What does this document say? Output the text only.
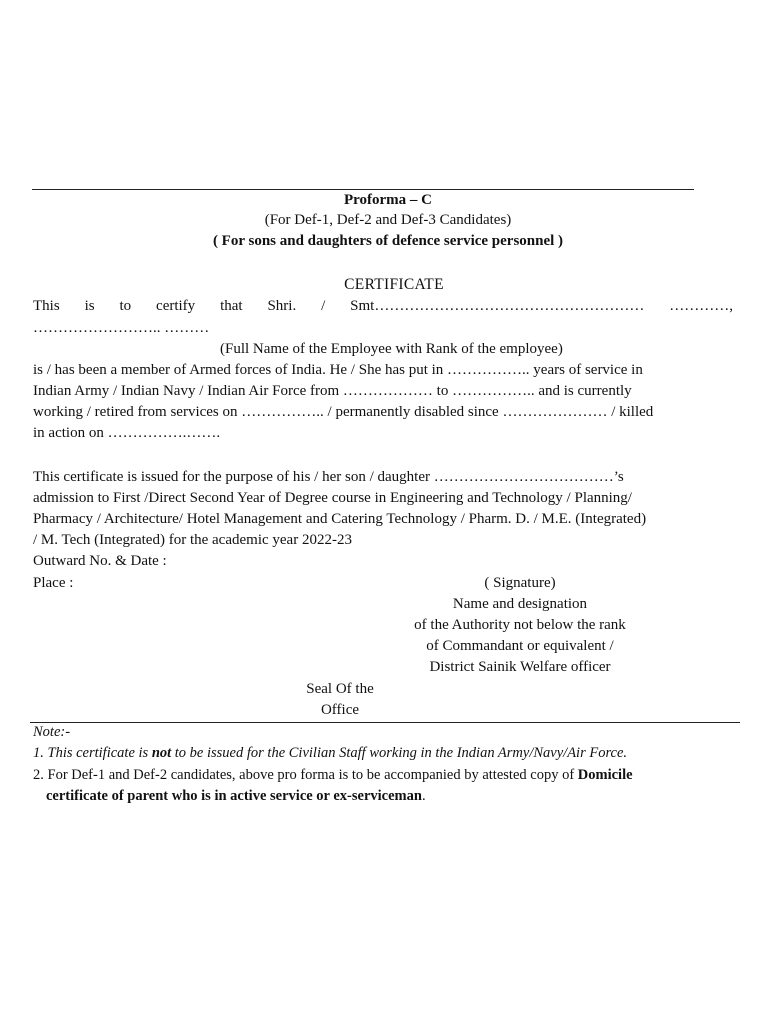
Proforma – C
(For Def-1, Def-2 and Def-3 Candidates)
( For sons and daughters of defence service personnel )
CERTIFICATE
This is to certify that Shri. / Smt……………………………………………… …………,
…………………….. ………
(Full Name of the Employee with Rank of the employee)
is / has been a member of Armed forces of India. He / She has put in …………….. years of service in
Indian Army / Indian Navy / Indian Air Force from ……………… to …………….. and is currently
working / retired from services on …………….. / permanently disabled since ………………… / killed
in action on …………….…….
This certificate is issued for the purpose of his / her son / daughter ………………………………’s
admission to First /Direct Second Year of Degree course in Engineering and Technology / Planning/
Pharmacy / Architecture/ Hotel Management and Catering Technology / Pharm. D. / M.E. (Integrated)
/ M. Tech (Integrated) for the academic year 2022-23
Outward No. & Date :
Place :	( Signature)
Name and designation
of the Authority not below the rank
of Commandant or equivalent /
District Sainik Welfare officer
Seal Of the
Office
Note:-
1. This certificate is not to be issued for the Civilian Staff working in the Indian Army/Navy/Air Force.
2. For Def-1 and Def-2 candidates, above pro forma is to be accompanied by attested copy of Domicile
certificate of parent who is in active service or ex-serviceman.
